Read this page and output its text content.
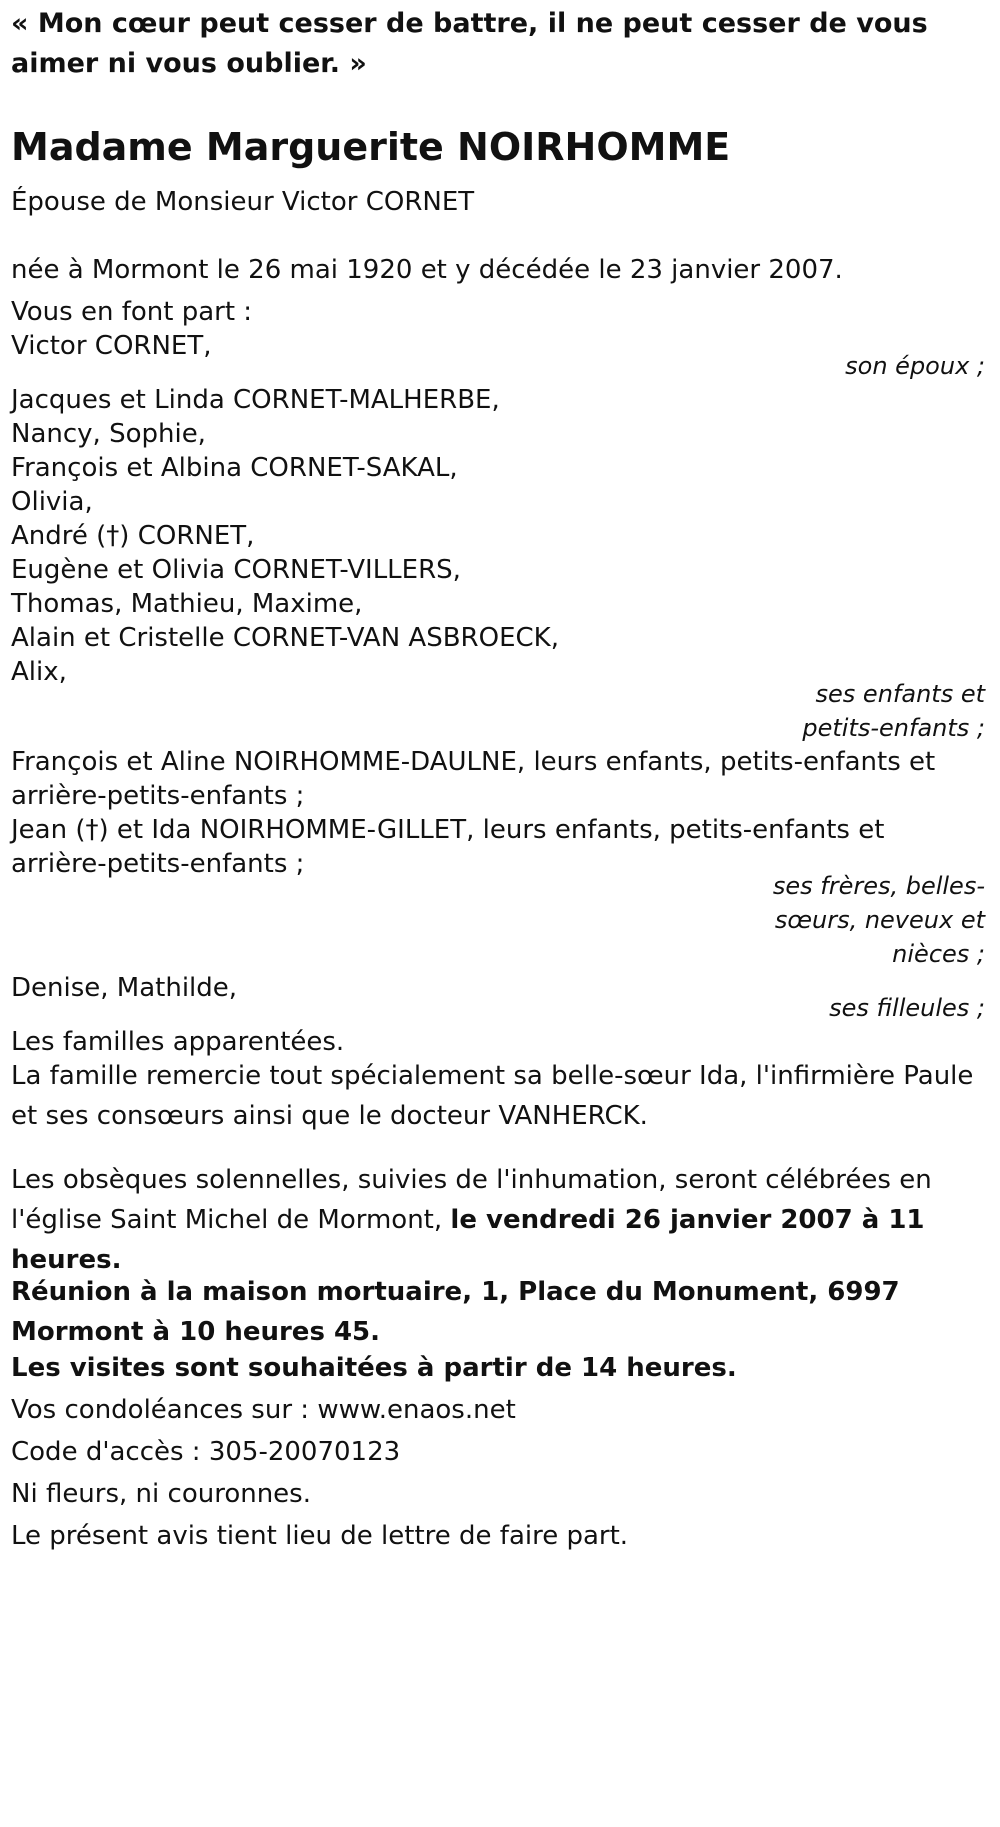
« Mon cœur peut cesser de battre, il ne peut cesser de vous aimer ni vous oublier. »
Madame Marguerite NOIRHOMME
Épouse de Monsieur Victor CORNET
née à Mormont le 26 mai 1920 et y décédée le 23 janvier 2007.
Vous en font part :
Victor CORNET,
son époux ;
Jacques et Linda CORNET-MALHERBE,
Nancy, Sophie,
François et Albina CORNET-SAKAL,
Olivia,
André (†) CORNET,
Eugène et Olivia CORNET-VILLERS,
Thomas, Mathieu, Maxime,
Alain et Cristelle CORNET-VAN ASBROECK,
Alix,
ses enfants et
petits-enfants ;
François et Aline NOIRHOMME-DAULNE, leurs enfants, petits-enfants et
arrière-petits-enfants ;
Jean (†) et Ida NOIRHOMME-GILLET, leurs enfants, petits-enfants et
arrière-petits-enfants ;
ses frères, belles-
sœurs, neveux et
nièces ;
Denise, Mathilde,
ses filleules ;
Les familles apparentées.
La famille remercie tout spécialement sa belle-sœur Ida, l'infirmière Paule et ses consœurs ainsi que le docteur VANHERCK.
Les obsèques solennelles, suivies de l'inhumation, seront célébrées en l'église Saint Michel de Mormont, le vendredi 26 janvier 2007 à 11 heures.
Réunion à la maison mortuaire, 1, Place du Monument, 6997 Mormont à 10 heures 45.
Les visites sont souhaitées à partir de 14 heures.
Vos condoléances sur : www.enaos.net
Code d'accès : 305-20070123
Ni fleurs, ni couronnes.
Le présent avis tient lieu de lettre de faire part.
